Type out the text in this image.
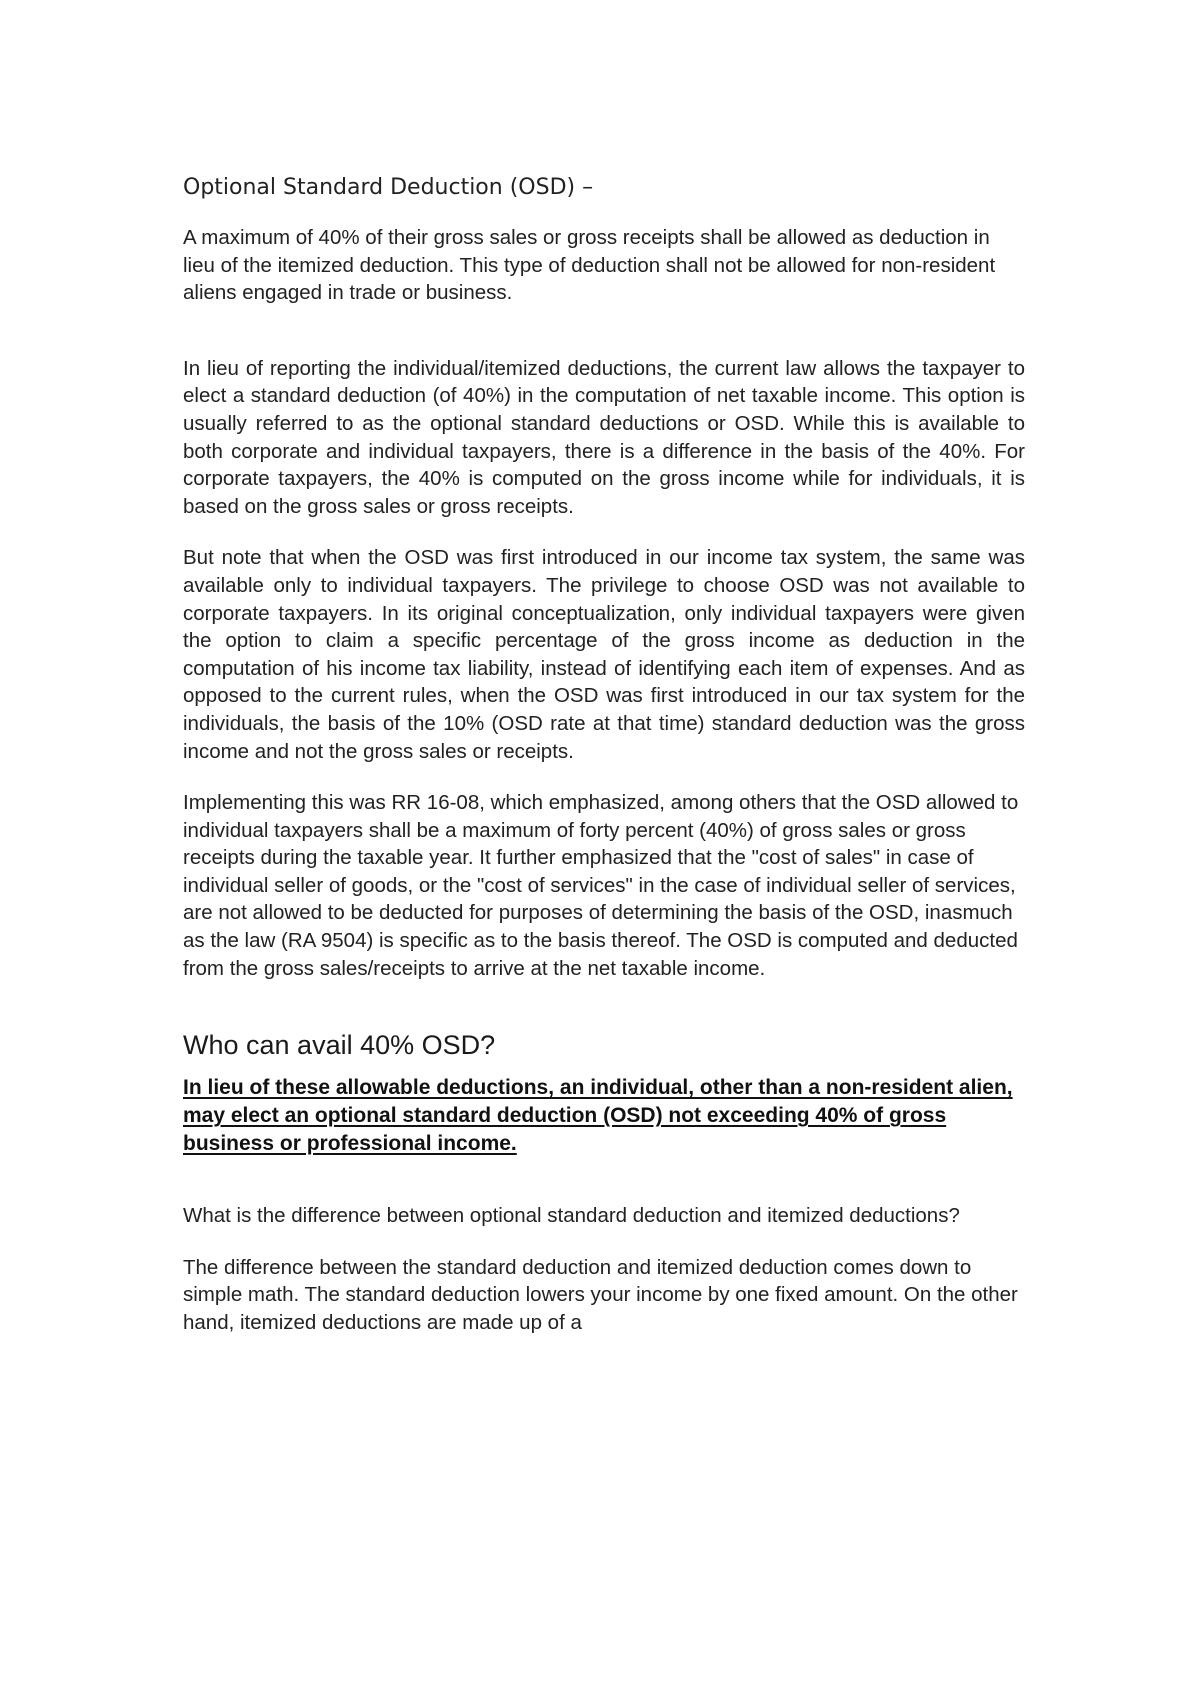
Optional Standard Deduction (OSD) –

A maximum of 40% of their gross sales or gross receipts shall be allowed as deduction in lieu of the itemized deduction. This type of deduction shall not be allowed for non-resident aliens engaged in trade or business.

In lieu of reporting the individual/itemized deductions, the current law allows the taxpayer to elect a standard deduction (of 40%) in the computation of net taxable income. This option is usually referred to as the optional standard deductions or OSD. While this is available to both corporate and individual taxpayers, there is a difference in the basis of the 40%. For corporate taxpayers, the 40% is computed on the gross income while for individuals, it is based on the gross sales or gross receipts.

But note that when the OSD was first introduced in our income tax system, the same was available only to individual taxpayers. The privilege to choose OSD was not available to corporate taxpayers. In its original conceptualization, only individual taxpayers were given the option to claim a specific percentage of the gross income as deduction in the computation of his income tax liability, instead of identifying each item of expenses. And as opposed to the current rules, when the OSD was first introduced in our tax system for the individuals, the basis of the 10% (OSD rate at that time) standard deduction was the gross income and not the gross sales or receipts.

Implementing this was RR 16-08, which emphasized, among others that the OSD allowed to individual taxpayers shall be a maximum of forty percent (40%) of gross sales or gross receipts during the taxable year. It further emphasized that the "cost of sales" in case of individual seller of goods, or the "cost of services" in the case of individual seller of services, are not allowed to be deducted for purposes of determining the basis of the OSD, inasmuch as the law (RA 9504) is specific as to the basis thereof. The OSD is computed and deducted from the gross sales/receipts to arrive at the net taxable income.

Who can avail 40% OSD?

In lieu of these allowable deductions, an individual, other than a non-resident alien, may elect an optional standard deduction (OSD) not exceeding 40% of gross business or professional income.

What is the difference between optional standard deduction and itemized deductions?

The difference between the standard deduction and itemized deduction comes down to simple math. The standard deduction lowers your income by one fixed amount. On the other hand, itemized deductions are made up of a
